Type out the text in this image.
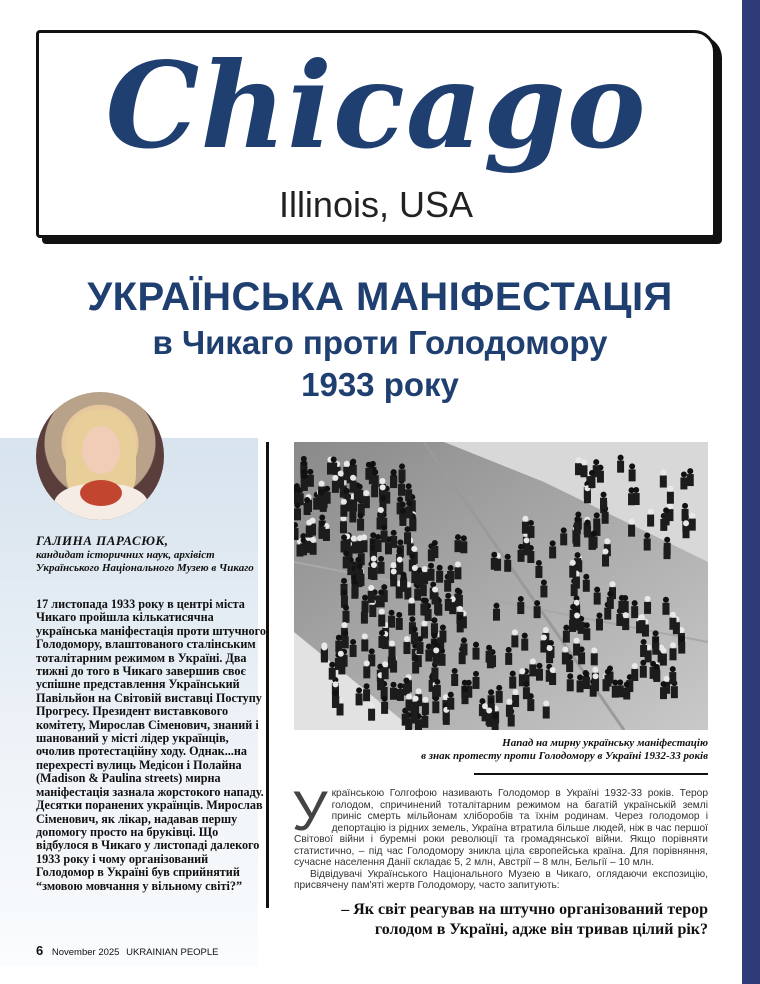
Chicago
Illinois, USA
УКРАЇНСЬКА МАНІФЕСТАЦІЯ
в Чикаго проти Голодомору
1933 року
ГАЛИНА ПАРАСЮК,
кандидат історичних наук, архівіст Українського Національного Музею в Чикаго
17 листопада 1933 року в центрі міста Чикаго пройшла кількатисячна українська маніфестація проти штучного Голодомору, влаштованого сталінським тоталітарним режимом в Україні. Два тижні до того в Чикаго завершив своє успішне представлення Український Павільйон на Світовій виставці Поступу Прогресу. Президент виставкового комітету, Мирослав Сіменович, знаний і шанований у місті лідер українців, очолив протестаційну ходу. Однак...на перехресті вулиць Медісон і Полайна (Madison & Paulina streets) мирна маніфестація зазнала жорстокого нападу. Десятки поранених українців. Мирослав Сіменович, як лікар, надавав першу допомогу просто на бруківці. Що відбулося в Чикаго у листопаді далекого 1933 року і чому організований Голодомор в Україні був сприйнятий “змовою мовчання у вільному світі?”
Напад на мирну українську маніфестацію
в знак протесту проти Голодомору в Україні 1932-33 років
У країнською Голгофою називають Голодомор в Україні 1932-33 років. Терор голодом, спричинений тоталітарним режимом на багатій українській землі приніс смерть мільйонам хліборобів та їхнім родинам. Через голодомор і депортацію із рідних земель, Україна втратила більше людей, ніж в час першої Світової війни і буремні роки революції та громадянської війни. Якщо порівняти статистично, – під час Голодомору зникла ціла європейська країна. Для порівняння, сучасне населення Данії складає 5, 2 млн, Австрії – 8 млн, Бельгії – 10 млн.
Відвідувачі Українського Національного Музею в Чикаго, оглядаючи експозицію, присвячену пам'яті жертв Голодомору, часто запитують:
– Як світ реагував на штучно організований терор голодом в Україні, адже він тривав цілий рік?
6 November 2025 UKRAINIAN PEOPLE
